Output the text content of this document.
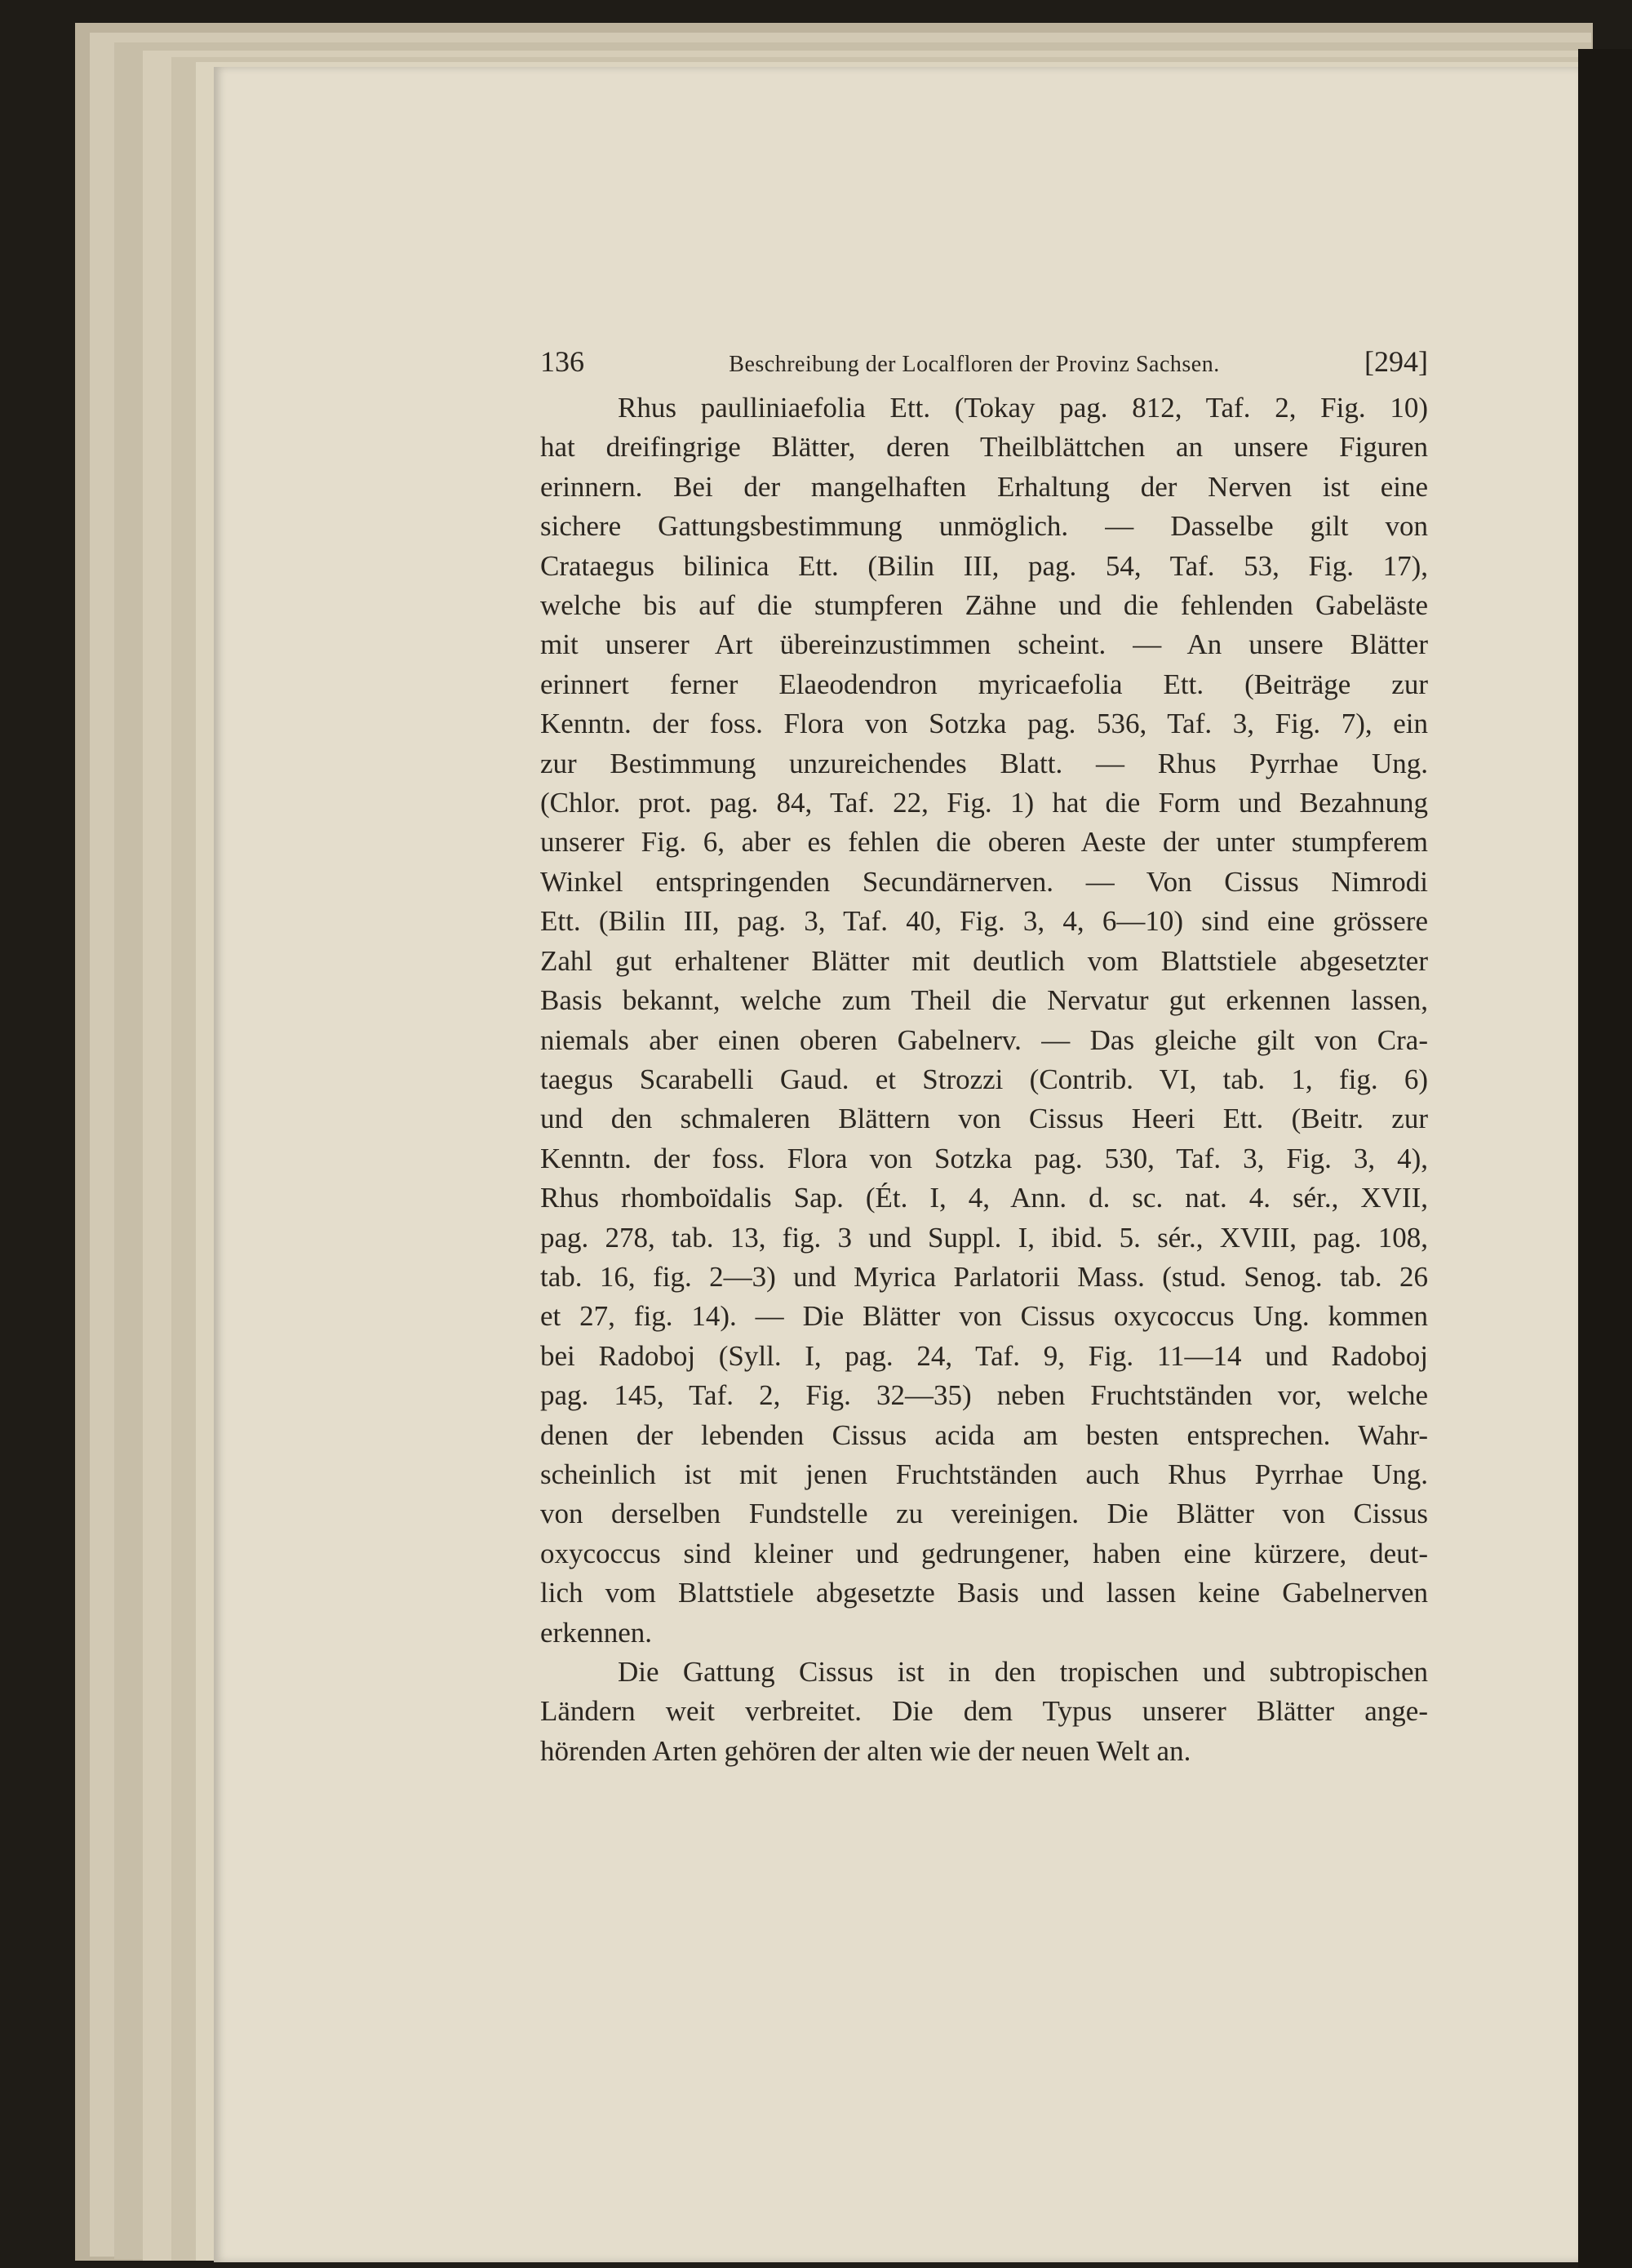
136	Beschreibung der Localfloren der Provinz Sachsen.	[294]

Rhus paulliniaefolia Ett. (Tokay pag. 812, Taf. 2, Fig. 10)

hat dreifingrige Blätter, deren Theilblättchen an unsere Figuren

erinnern. Bei der mangelhaften Erhaltung der Nerven ist eine

sichere Gattungsbestimmung unmöglich. — Dasselbe gilt von

Crataegus bilinica Ett. (Bilin III, pag. 54, Taf. 53, Fig. 17),

welche bis auf die stumpferen Zähne und die fehlenden Gabeläste

mit unserer Art übereinzustimmen scheint. — An unsere Blätter

erinnert ferner Elaeodendron myricaefolia Ett. (Beiträge zur

Kenntn. der foss. Flora von Sotzka pag. 536, Taf. 3, Fig. 7), ein

zur Bestimmung unzureichendes Blatt. — Rhus Pyrrhae Ung.

(Chlor. prot. pag. 84, Taf. 22, Fig. 1) hat die Form und Bezahnung

unserer Fig. 6, aber es fehlen die oberen Aeste der unter stumpferem

Winkel entspringenden Secundärnerven. — Von Cissus Nimrodi

Ett. (Bilin III, pag. 3, Taf. 40, Fig. 3, 4, 6—10) sind eine grössere

Zahl gut erhaltener Blätter mit deutlich vom Blattstiele abgesetzter

Basis bekannt, welche zum Theil die Nervatur gut erkennen lassen,

niemals aber einen oberen Gabelnerv. — Das gleiche gilt von Cra-

taegus Scarabelli Gaud. et Strozzi (Contrib. VI, tab. 1, fig. 6)

und den schmaleren Blättern von Cissus Heeri Ett. (Beitr. zur

Kenntn. der foss. Flora von Sotzka pag. 530, Taf. 3, Fig. 3, 4),

Rhus rhomboïdalis Sap. (Ét. I, 4, Ann. d. sc. nat. 4. sér., XVII,

pag. 278, tab. 13, fig. 3 und Suppl. I, ibid. 5. sér., XVIII, pag. 108,

tab. 16, fig. 2—3) und Myrica Parlatorii Mass. (stud. Senog. tab. 26

et 27, fig. 14). — Die Blätter von Cissus oxycoccus Ung. kommen

bei Radoboj (Syll. I, pag. 24, Taf. 9, Fig. 11—14 und Radoboj

pag. 145, Taf. 2, Fig. 32—35) neben Fruchtständen vor, welche

denen der lebenden Cissus acida am besten entsprechen. Wahr-

scheinlich ist mit jenen Fruchtständen auch Rhus Pyrrhae Ung.

von derselben Fundstelle zu vereinigen. Die Blätter von Cissus

oxycoccus sind kleiner und gedrungener, haben eine kürzere, deut-

lich vom Blattstiele abgesetzte Basis und lassen keine Gabelnerven

erkennen.

Die Gattung Cissus ist in den tropischen und subtropischen

Ländern weit verbreitet. Die dem Typus unserer Blätter ange-

hörenden Arten gehören der alten wie der neuen Welt an.
